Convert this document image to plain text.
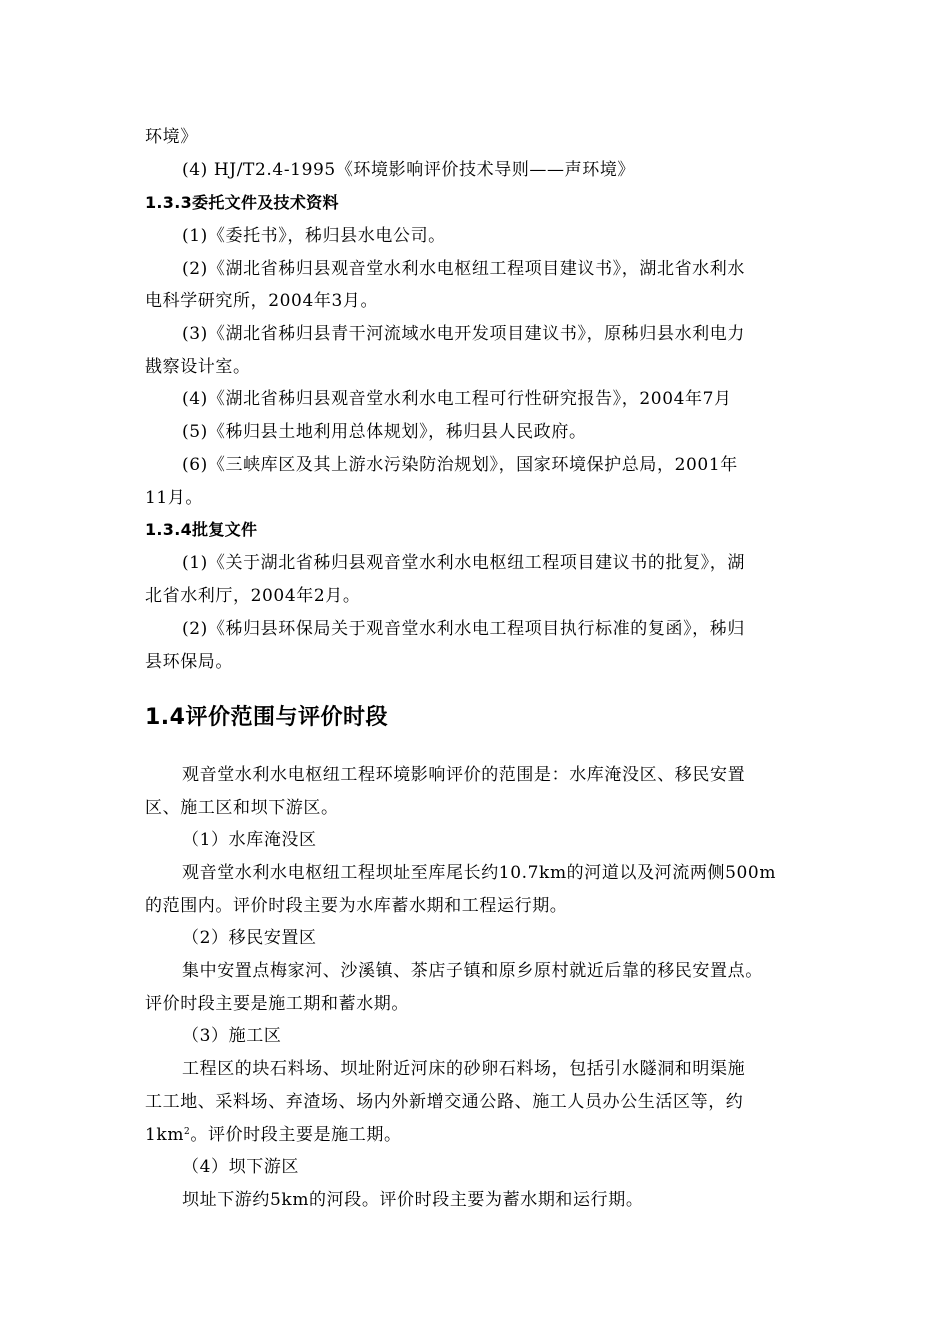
环境》
(4) HJ/T2.4-1995《环境影响评价技术导则——声环境》
1.3.3委托文件及技术资料
(1)《委托书》，秭归县水电公司。
(2)《湖北省秭归县观音堂水利水电枢纽工程项目建议书》，湖北省水利水
电科学研究所，2004年3月。
(3)《湖北省秭归县青干河流域水电开发项目建议书》，原秭归县水利电力
戡察设计室。
(4)《湖北省秭归县观音堂水利水电工程可行性研究报告》，2004年7月
(5)《秭归县土地利用总体规划》，秭归县人民政府。
(6)《三峡库区及其上游水污染防治规划》，国家环境保护总局，2001年
11月。
1.3.4批复文件
(1)《关于湖北省秭归县观音堂水利水电枢纽工程项目建议书的批复》，湖
北省水利厅，2004年2月。
(2)《秭归县环保局关于观音堂水利水电工程项目执行标准的复函》，秭归
县环保局。
1.4评价范围与评价时段
观音堂水利水电枢纽工程环境影响评价的范围是：水库淹没区、移民安置
区、施工区和坝下游区。
（1）水库淹没区
观音堂水利水电枢纽工程坝址至库尾长约10.7km的河道以及河流两侧500m
的范围内。评价时段主要为水库蓄水期和工程运行期。
（2）移民安置区
集中安置点梅家河、沙溪镇、茶店子镇和原乡原村就近后靠的移民安置点。
评价时段主要是施工期和蓄水期。
（3）施工区
工程区的块石料场、坝址附近河床的砂卵石料场，包括引水隧洞和明渠施
工工地、采料场、弃渣场、场内外新增交通公路、施工人员办公生活区等，约
$1km^2$。评价时段主要是施工期。
（4）坝下游区
坝址下游约5km的河段。评价时段主要为蓄水期和运行期。
